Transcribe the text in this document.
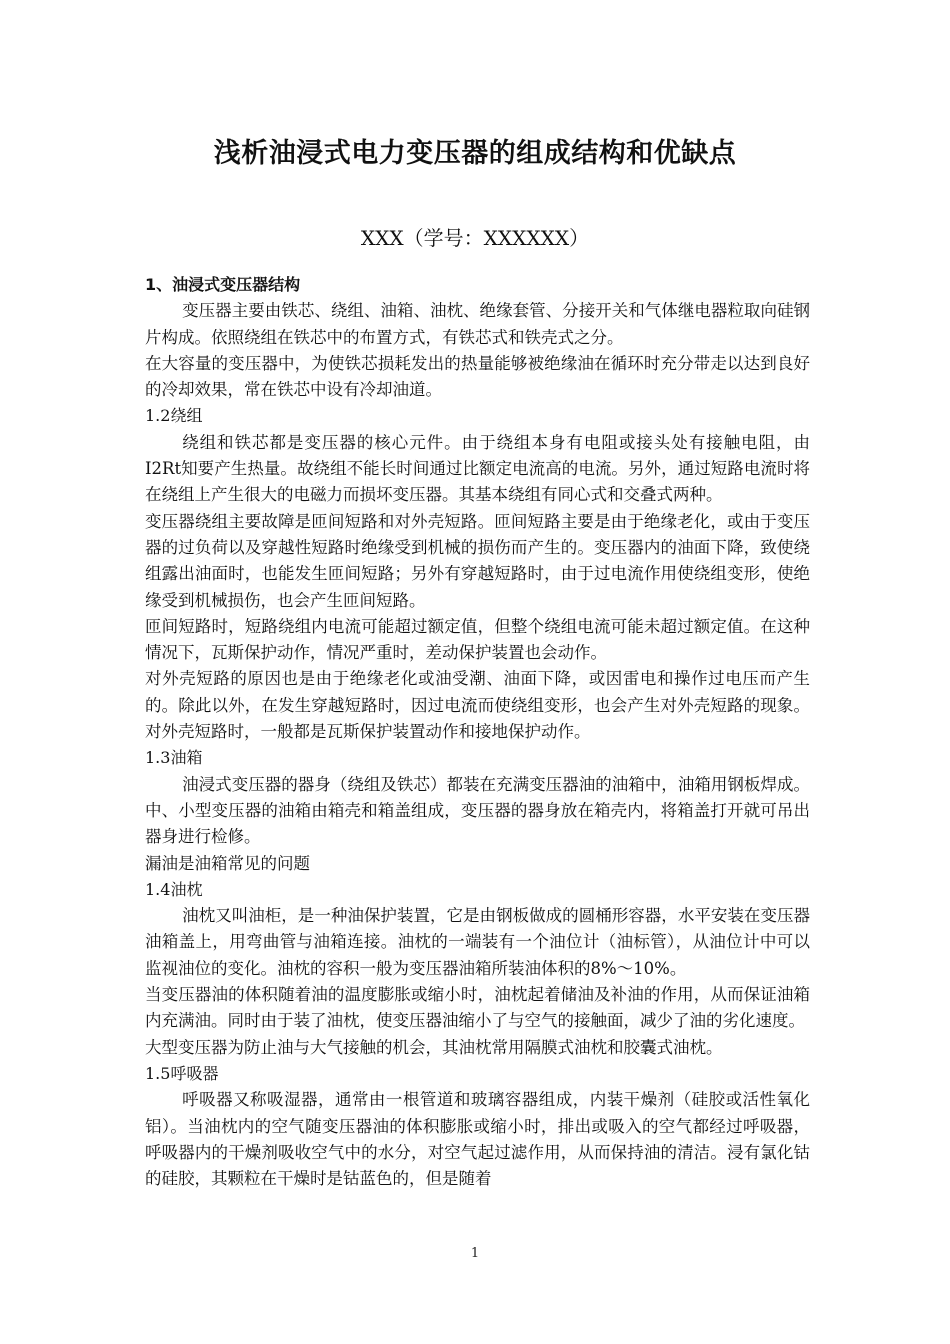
浅析油浸式电力变压器的组成结构和优缺点
XXX（学号：XXXXXX）

1、油浸式变压器结构

变压器主要由铁芯、绕组、油箱、油枕、绝缘套管、分接开关和气体继电器粒取向硅钢片构成。依照绕组在铁芯中的布置方式，有铁芯式和铁壳式之分。

在大容量的变压器中，为使铁芯损耗发出的热量能够被绝缘油在循环时充分带走以达到良好的冷却效果，常在铁芯中设有冷却油道。

1.2绕组

绕组和铁芯都是变压器的核心元件。由于绕组本身有电阻或接头处有接触电阻，由I2Rt知要产生热量。故绕组不能长时间通过比额定电流高的电流。另外，通过短路电流时将在绕组上产生很大的电磁力而损坏变压器。其基本绕组有同心式和交叠式两种。

变压器绕组主要故障是匝间短路和对外壳短路。匝间短路主要是由于绝缘老化，或由于变压器的过负荷以及穿越性短路时绝缘受到机械的损伤而产生的。变压器内的油面下降，致使绕组露出油面时，也能发生匝间短路；另外有穿越短路时，由于过电流作用使绕组变形，使绝缘受到机械损伤，也会产生匝间短路。

匝间短路时，短路绕组内电流可能超过额定值，但整个绕组电流可能未超过额定值。在这种情况下，瓦斯保护动作，情况严重时，差动保护装置也会动作。

对外壳短路的原因也是由于绝缘老化或油受潮、油面下降，或因雷电和操作过电压而产生的。除此以外，在发生穿越短路时，因过电流而使绕组变形，也会产生对外壳短路的现象。对外壳短路时，一般都是瓦斯保护装置动作和接地保护动作。

1.3油箱

油浸式变压器的器身（绕组及铁芯）都装在充满变压器油的油箱中，油箱用钢板焊成。中、小型变压器的油箱由箱壳和箱盖组成，变压器的器身放在箱壳内，将箱盖打开就可吊出器身进行检修。

漏油是油箱常见的问题

1.4油枕

油枕又叫油柜，是一种油保护装置，它是由钢板做成的圆桶形容器，水平安装在变压器油箱盖上，用弯曲管与油箱连接。油枕的一端装有一个油位计（油标管），从油位计中可以监视油位的变化。油枕的容积一般为变压器油箱所装油体积的8%～10%。

当变压器油的体积随着油的温度膨胀或缩小时，油枕起着储油及补油的作用，从而保证油箱内充满油。同时由于装了油枕，使变压器油缩小了与空气的接触面，减少了油的劣化速度。

大型变压器为防止油与大气接触的机会，其油枕常用隔膜式油枕和胶囊式油枕。

1.5呼吸器

呼吸器又称吸湿器，通常由一根管道和玻璃容器组成，内装干燥剂（硅胶或活性氧化铝）。当油枕内的空气随变压器油的体积膨胀或缩小时，排出或吸入的空气都经过呼吸器，呼吸器内的干燥剂吸收空气中的水分，对空气起过滤作用，从而保持油的清洁。浸有氯化钴的硅胶，其颗粒在干燥时是钴蓝色的，但是随着

1
